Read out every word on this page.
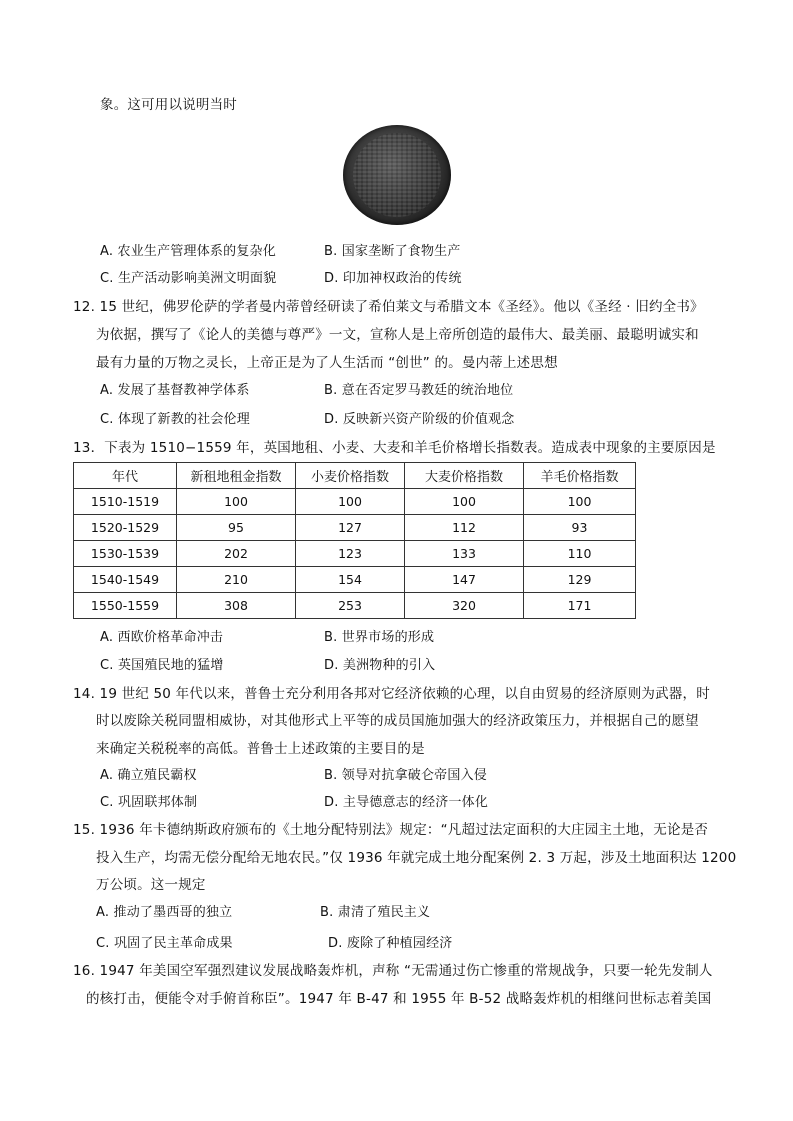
象。这可用以说明当时
A. 农业生产管理体系的复杂化	B. 国家垄断了食物生产
C. 生产活动影响美洲文明面貌	D. 印加神权政治的传统
12. 15 世纪，佛罗伦萨的学者曼内蒂曾经研读了希伯莱文与希腊文本《圣经》。他以《圣经 · 旧约全书》
为依据，撰写了《论人的美德与尊严》一文，宣称人是上帝所创造的最伟大、最美丽、最聪明诚实和
最有力量的万物之灵长，上帝正是为了人生活而 “创世” 的。曼内蒂上述思想
A. 发展了基督教神学体系	B. 意在否定罗马教廷的统治地位
C. 体现了新教的社会伦理	D. 反映新兴资产阶级的价值观念
13．下表为 1510−1559 年，英国地租、小麦、大麦和羊毛价格增长指数表。造成表中现象的主要原因是
年代	新租地租金指数	小麦价格指数	大麦价格指数	羊毛价格指数
1510-1519	100	100	100	100
1520-1529	95	127	112	93
1530-1539	202	123	133	110
1540-1549	210	154	147	129
1550-1559	308	253	320	171
A. 西欧价格革命冲击	B. 世界市场的形成
C. 英国殖民地的猛增	D. 美洲物种的引入
14. 19 世纪 50 年代以来，普鲁士充分利用各邦对它经济依赖的心理，以自由贸易的经济原则为武器，时
时以废除关税同盟相威协，对其他形式上平等的成员国施加强大的经济政策压力，并根据自己的愿望
来确定关税税率的高低。普鲁士上述政策的主要目的是
A. 确立殖民霸权	B. 领导对抗拿破仑帝国入侵
C. 巩固联邦体制	D. 主导德意志的经济一体化
15. 1936 年卡德纳斯政府颁布的《土地分配特别法》规定：“凡超过法定面积的大庄园主土地，无论是否
投入生产，均需无偿分配给无地农民。”仅 1936 年就完成土地分配案例 2. 3 万起，涉及土地面积达 1200
万公顷。这一规定
A. 推动了墨西哥的独立	B. 肃清了殖民主义
C. 巩固了民主革命成果	D. 废除了种植园经济
16. 1947 年美国空军强烈建议发展战略轰炸机，声称 “无需通过伤亡惨重的常规战争，只要一轮先发制人
的核打击，便能令对手俯首称臣”。1947 年 B-47 和 1955 年 B-52 战略轰炸机的相继问世标志着美国
